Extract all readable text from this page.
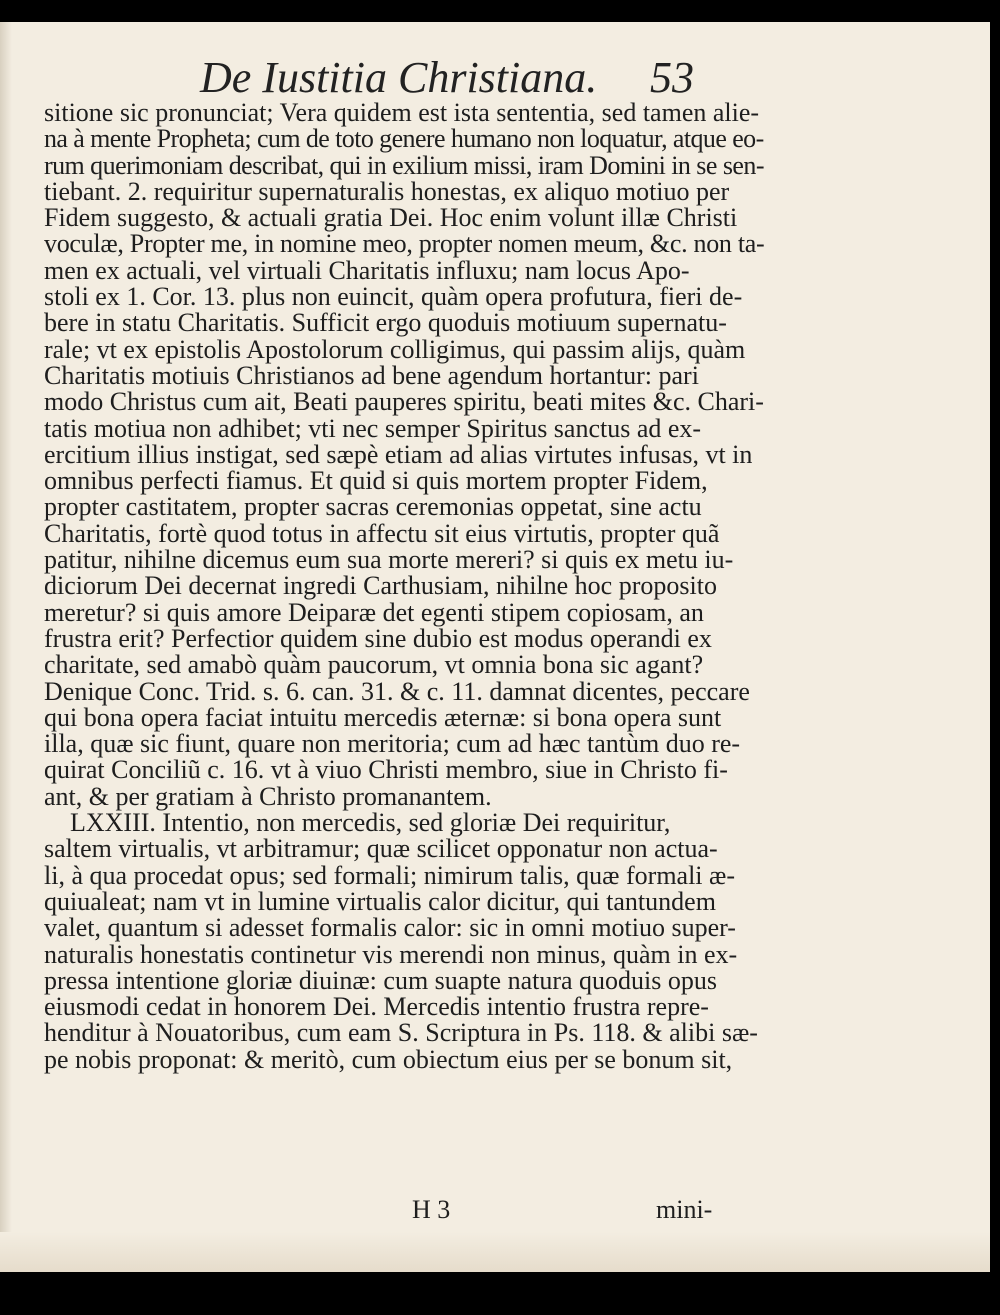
De Iustitia Christiana. 53
sitione sic pronunciat; Vera quidem est ista sententia, sed tamen alie-
na à mente Propheta; cum de toto genere humano non loquatur, atque eo-
rum querimoniam describat, qui in exilium missi, iram Domini in se sen-
tiebant. 2. requiritur supernaturalis honestas, ex aliquo motiuo per
Fidem suggesto, & actuali gratia Dei. Hoc enim volunt illæ Christi
voculæ, Propter me, in nomine meo, propter nomen meum, &c. non ta-
men ex actuali, vel virtuali Charitatis influxu; nam locus Apo-
stoli ex 1. Cor. 13. plus non euincit, quàm opera profutura, fieri de-
bere in statu Charitatis. Sufficit ergo quoduis motiuum supernatu-
rale; vt ex epistolis Apostolorum colligimus, qui passim alijs, quàm
Charitatis motiuis Christianos ad bene agendum hortantur: pari
modo Christus cum ait, Beati pauperes spiritu, beati mites &c. Chari-
tatis motiua non adhibet; vti nec semper Spiritus sanctus ad ex-
ercitium illius instigat, sed sæpè etiam ad alias virtutes infusas, vt in
omnibus perfecti fiamus. Et quid si quis mortem propter Fidem,
propter castitatem, propter sacras ceremonias oppetat, sine actu
Charitatis, fortè quod totus in affectu sit eius virtutis, propter quã
patitur, nihilne dicemus eum sua morte mereri? si quis ex metu iu-
diciorum Dei decernat ingredi Carthusiam, nihilne hoc proposito
meretur? si quis amore Deiparæ det egenti stipem copiosam, an
frustra erit? Perfectior quidem sine dubio est modus operandi ex
charitate, sed amabò quàm paucorum, vt omnia bona sic agant?
Denique Conc. Trid. s. 6. can. 31. & c. 11. damnat dicentes, peccare
qui bona opera faciat intuitu mercedis æternæ: si bona opera sunt
illa, quæ sic fiunt, quare non meritoria; cum ad hæc tantùm duo re-
quirat Conciliũ c. 16. vt à viuo Christi membro, siue in Christo fi-
ant, & per gratiam à Christo promanantem.
LXXIII. Intentio, non mercedis, sed gloriæ Dei requiritur,
saltem virtualis, vt arbitramur; quæ scilicet opponatur non actua-
li, à qua procedat opus; sed formali; nimirum talis, quæ formali æ-
quiualeat; nam vt in lumine virtualis calor dicitur, qui tantundem
valet, quantum si adesset formalis calor: sic in omni motiuo super-
naturalis honestatis continetur vis merendi non minus, quàm in ex-
pressa intentione gloriæ diuinæ: cum suapte natura quoduis opus
eiusmodi cedat in honorem Dei. Mercedis intentio frustra repre-
henditur à Nouatoribus, cum eam S. Scriptura in Ps. 118. & alibi sæ-
pe nobis proponat: & meritò, cum obiectum eius per se bonum sit,
H 3	mini-
